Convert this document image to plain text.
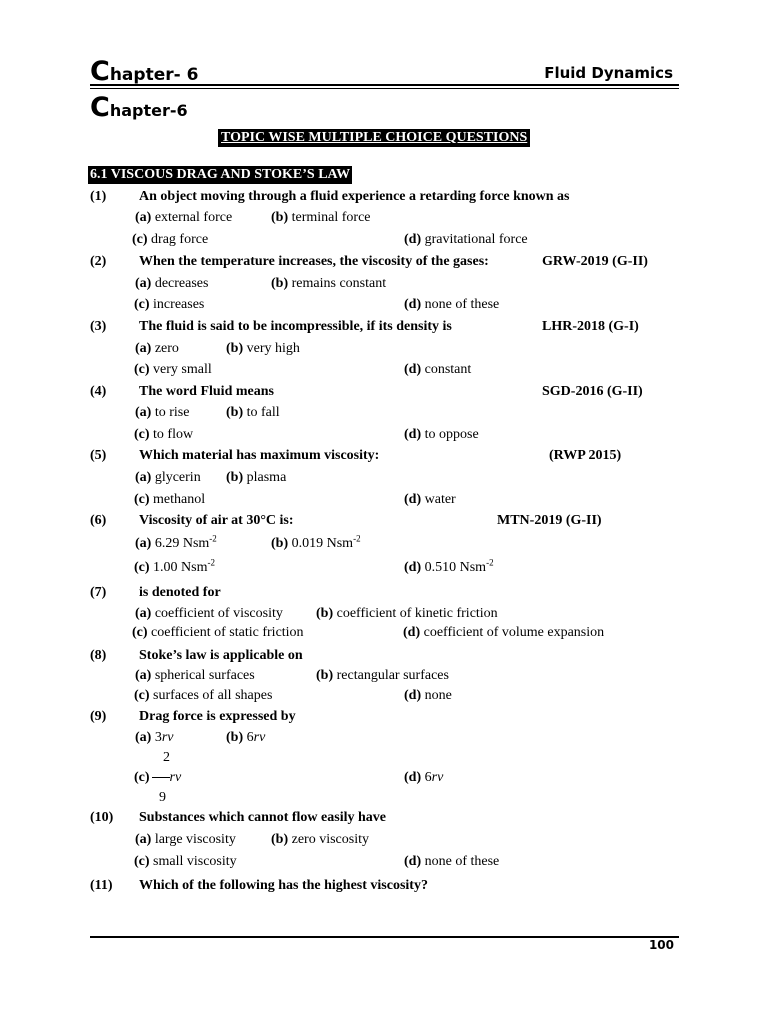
Chapter- 6	Fluid Dynamics
Chapter-6
TOPIC WISE MULTIPLE CHOICE QUESTIONS
6.1 VISCOUS DRAG AND STOKE’S LAW
(1) An object moving through a fluid experience a retarding force known as
(a) external force	(b) terminal force
(c) drag force	(d) gravitational force
(2) When the temperature increases, the viscosity of the gases:	GRW-2019 (G-II)
(a) decreases	(b) remains constant
(c) increases	(d) none of these
(3) The fluid is said to be incompressible, if its density is	LHR-2018 (G-I)
(a) zero	(b) very high
(c) very small	(d) constant
(4) The word Fluid means	SGD-2016 (G-II)
(a) to rise	(b) to fall
(c) to flow	(d) to oppose
(5) Which material has maximum viscosity:	(RWP 2015)
(a) glycerin (b) plasma
(c) methanol	(d) water
(6) Viscosity of air at 30°C is:	MTN-2019 (G-II)
(a) 6.29 Nsm$^{-2}$	(b) 0.019 Nsm$^{-2}$
(c) 1.00 Nsm$^{-2}$	(d) 0.510 Nsm$^{-2}$
(7) is denoted for
(a) coefficient of viscosity (b) coefficient of kinetic friction
(c) coefficient of static friction	(d) coefficient of volume expansion
(8) Stoke’s law is applicable on
(a) spherical surfaces	(b) rectangular surfaces
(c) surfaces of all shapes	(d) none
(9) Drag force is expressed by
(a) 3rv	(b) 6rv
2
(c) rv	(d) 6rv
9
(10) Substances which cannot flow easily have
(a) large viscosity	(b) zero viscosity
(c) small viscosity	(d) none of these
(11) Which of the following has the highest viscosity?
100
